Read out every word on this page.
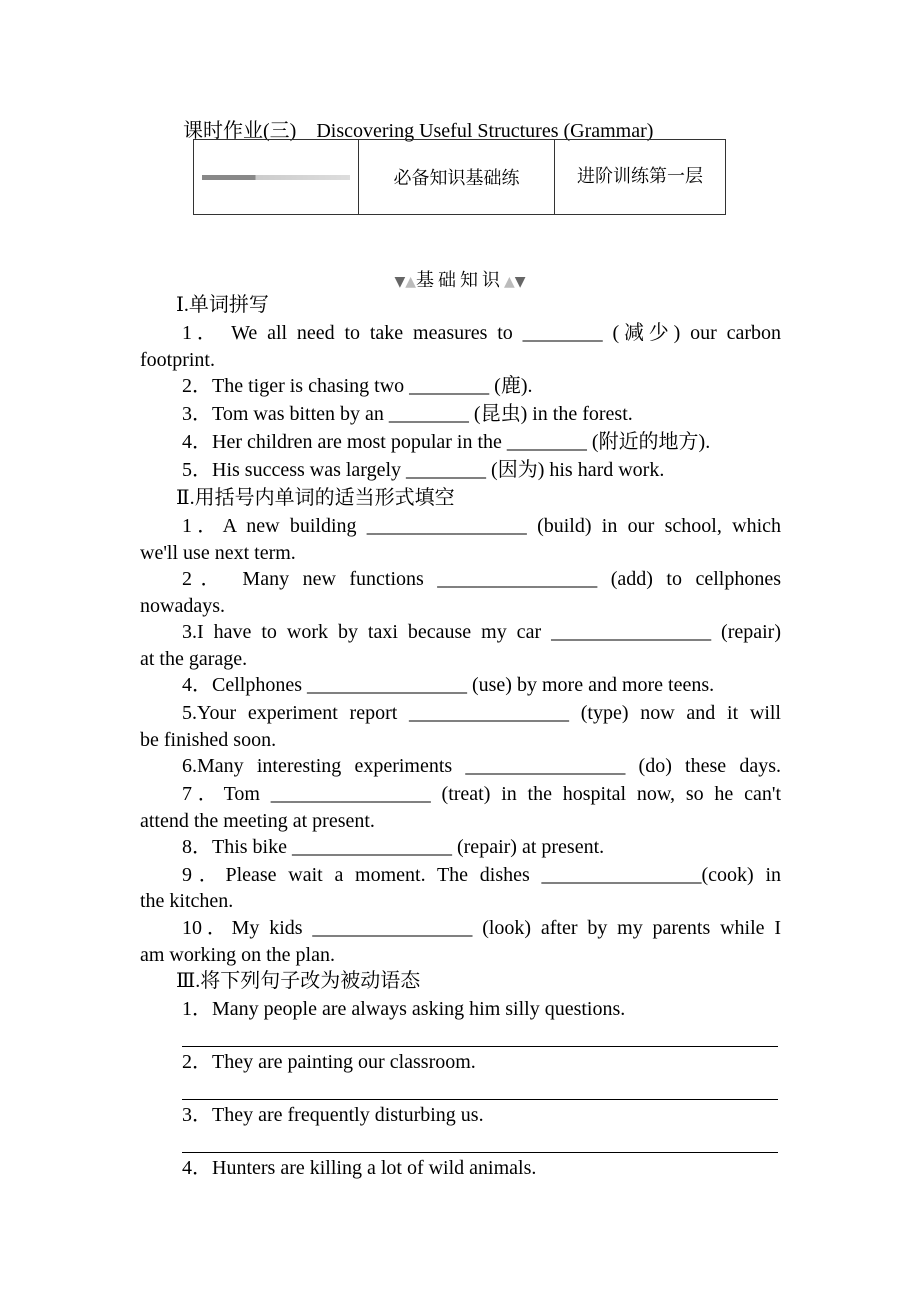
课时作业(三)    Discovering Useful Structures (Grammar)
	必备知识基础练	进阶训练第一层
▼▲基础知识▲▼
Ⅰ.单词拼写
1． We all need to take measures to ________ (减少) our carbon
footprint.
2．The tiger is chasing two ________ (鹿).
3．Tom was bitten by an ________ (昆虫) in the forest.
4．Her children are most popular in the ________ (附近的地方).
5．His success was largely ________ (因为) his hard work.
Ⅱ.用括号内单词的适当形式填空
1．A new building ________________ (build) in our school, which
we'll use next term.
2． Many new functions ________________ (add) to cellphones
nowadays.
3.I have to work by taxi because my car ________________ (repair)
at the garage.
4．Cellphones ________________ (use) by more and more teens.
5.Your experiment report ________________ (type) now and it will
be finished soon.
6.Many interesting experiments ________________ (do) these days.
7．Tom ________________ (treat) in the hospital now, so he can't
attend the meeting at present.
8．This bike ________________ (repair) at present.
9．Please wait a moment. The dishes ________________(cook) in
the kitchen.
10．My kids ________________ (look) after by my parents while I
am working on the plan.
Ⅲ.将下列句子改为被动语态
1．Many people are always asking him silly questions.
2．They are painting our classroom.
3．They are frequently disturbing us.
4．Hunters are killing a lot of wild animals.
